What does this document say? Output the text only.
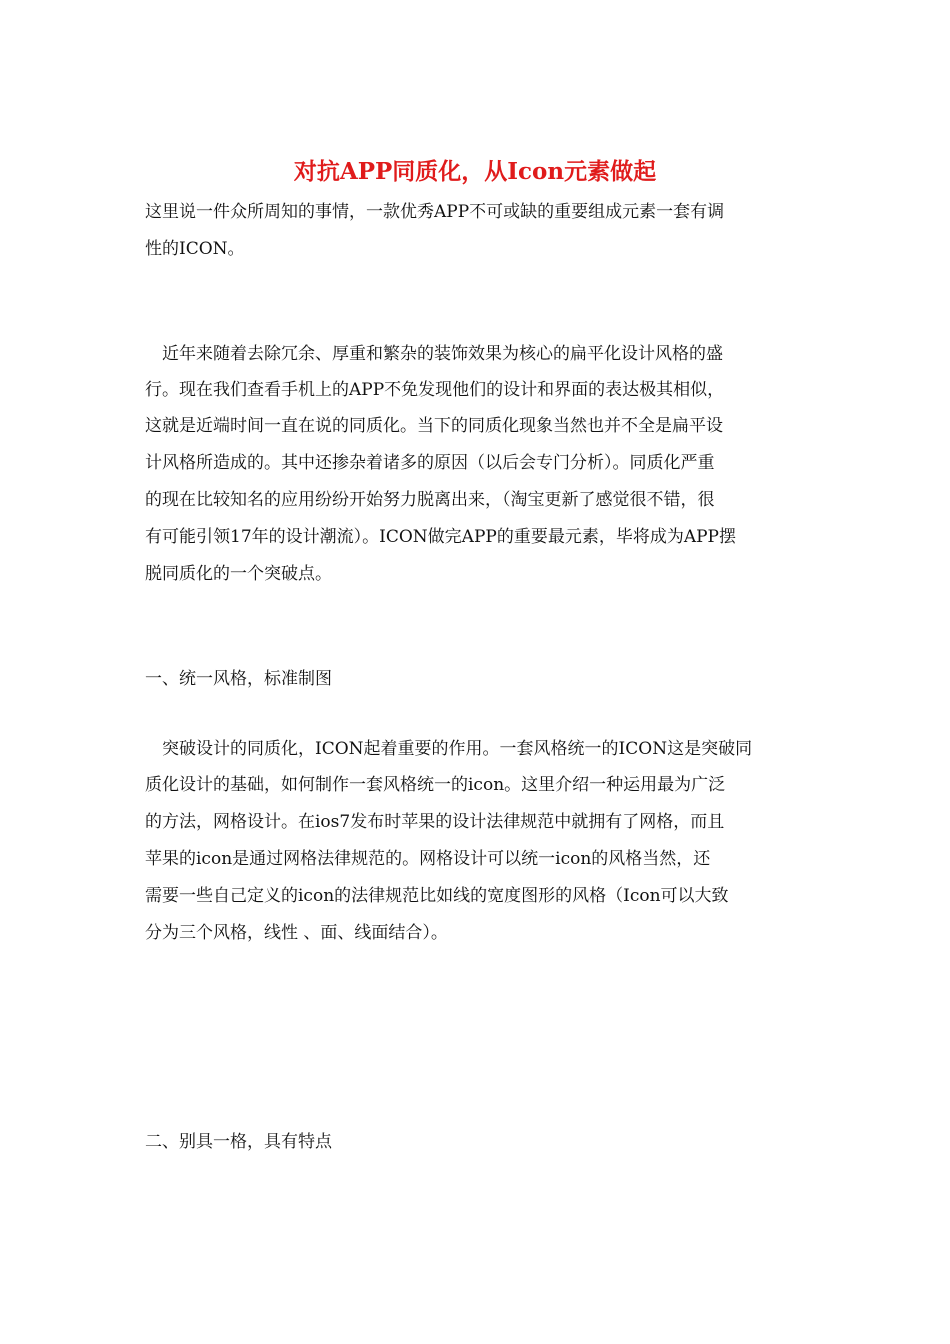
对抗APP同质化，从Icon元素做起
这里说一件众所周知的事情，一款优秀APP不可或缺的重要组成元素一套有调
性的ICON。
近年来随着去除冗余、厚重和繁杂的装饰效果为核心的扁平化设计风格的盛
行。现在我们查看手机上的APP不免发现他们的设计和界面的表达极其相似，
这就是近端时间一直在说的同质化。当下的同质化现象当然也并不全是扁平设
计风格所造成的。其中还掺杂着诸多的原因（以后会专门分析）。同质化严重
的现在比较知名的应用纷纷开始努力脱离出来，（淘宝更新了感觉很不错，很
有可能引领17年的设计潮流）。ICON做完APP的重要最元素，毕将成为APP摆
脱同质化的一个突破点。
一、统一风格，标准制图
突破设计的同质化，ICON起着重要的作用。一套风格统一的ICON这是突破同
质化设计的基础，如何制作一套风格统一的icon。这里介绍一种运用最为广泛
的方法，网格设计。在ios7发布时苹果的设计法律规范中就拥有了网格，而且
苹果的icon是通过网格法律规范的。网格设计可以统一icon的风格当然，还
需要一些自己定义的icon的法律规范比如线的宽度图形的风格（Icon可以大致
分为三个风格，线性 、面、线面结合）。
二、别具一格，具有特点
